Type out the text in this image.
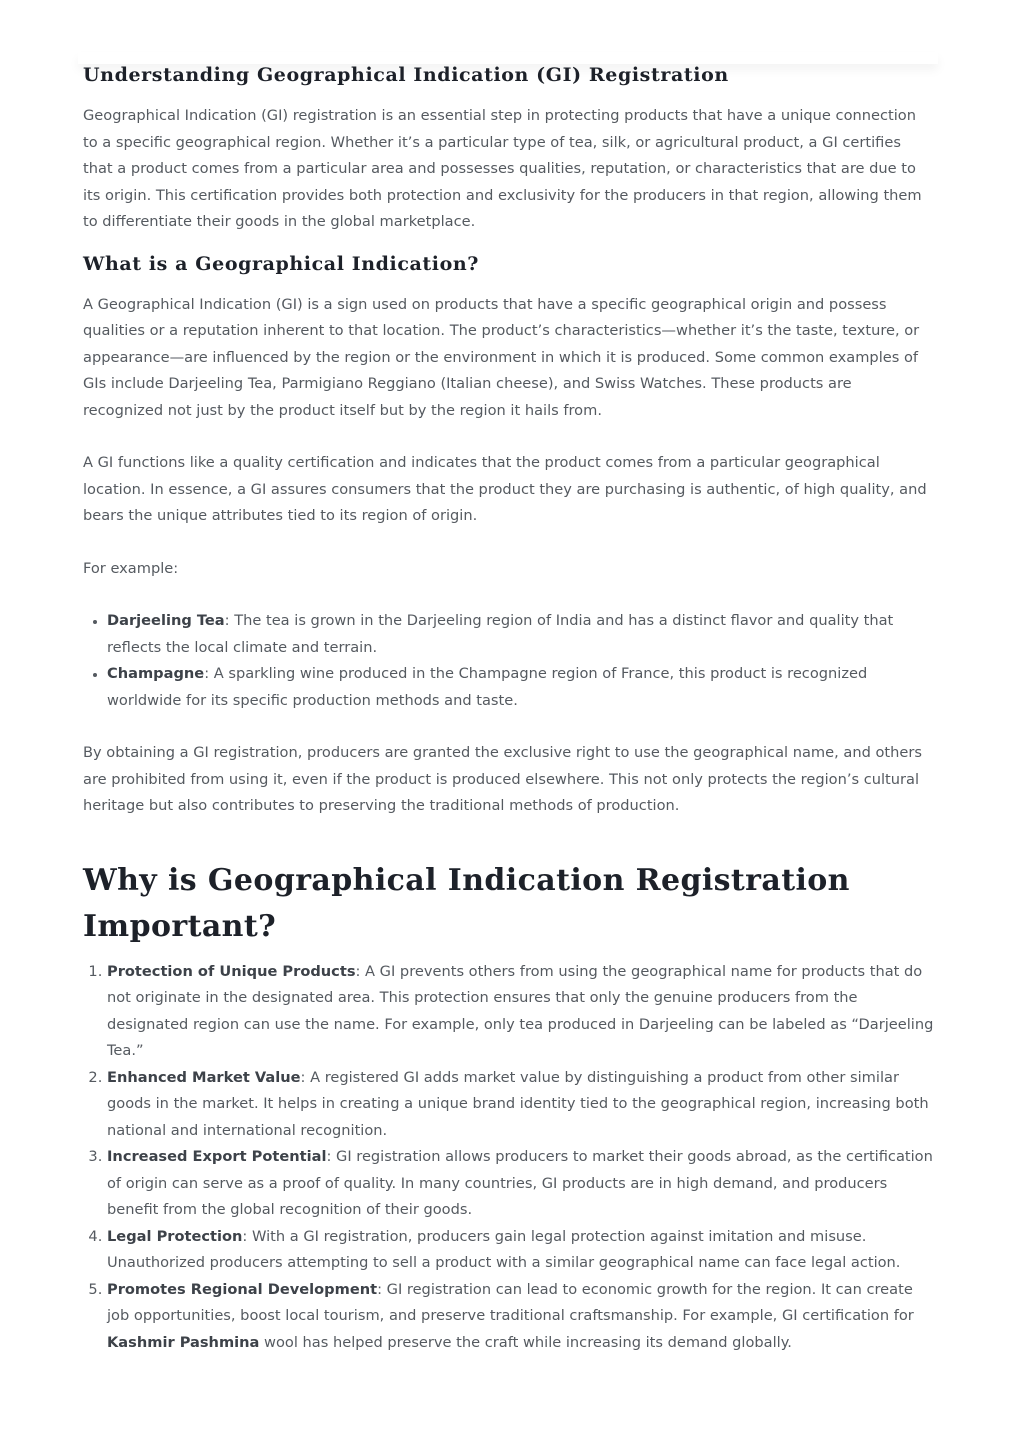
Understanding Geographical Indication (GI) Registration

Geographical Indication (GI) registration is an essential step in protecting products that have a unique connection to a specific geographical region. Whether it’s a particular type of tea, silk, or agricultural product, a GI certifies that a product comes from a particular area and possesses qualities, reputation, or characteristics that are due to its origin. This certification provides both protection and exclusivity for the producers in that region, allowing them to differentiate their goods in the global marketplace.

What is a Geographical Indication?

A Geographical Indication (GI) is a sign used on products that have a specific geographical origin and possess qualities or a reputation inherent to that location. The product’s characteristics—whether it’s the taste, texture, or appearance—are influenced by the region or the environment in which it is produced. Some common examples of GIs include Darjeeling Tea, Parmigiano Reggiano (Italian cheese), and Swiss Watches. These products are recognized not just by the product itself but by the region it hails from.

A GI functions like a quality certification and indicates that the product comes from a particular geographical location. In essence, a GI assures consumers that the product they are purchasing is authentic, of high quality, and bears the unique attributes tied to its region of origin.

For example:

• Darjeeling Tea: The tea is grown in the Darjeeling region of India and has a distinct flavor and quality that reflects the local climate and terrain.
• Champagne: A sparkling wine produced in the Champagne region of France, this product is recognized worldwide for its specific production methods and taste.

By obtaining a GI registration, producers are granted the exclusive right to use the geographical name, and others are prohibited from using it, even if the product is produced elsewhere. This not only protects the region’s cultural heritage but also contributes to preserving the traditional methods of production.

Why is Geographical Indication Registration Important?
1. Protection of Unique Products: A GI prevents others from using the geographical name for products that do not originate in the designated area. This protection ensures that only the genuine producers from the designated region can use the name. For example, only tea produced in Darjeeling can be labeled as “Darjeeling Tea.”
2. Enhanced Market Value: A registered GI adds market value by distinguishing a product from other similar goods in the market. It helps in creating a unique brand identity tied to the geographical region, increasing both national and international recognition.
3. Increased Export Potential: GI registration allows producers to market their goods abroad, as the certification of origin can serve as a proof of quality. In many countries, GI products are in high demand, and producers benefit from the global recognition of their goods.
4. Legal Protection: With a GI registration, producers gain legal protection against imitation and misuse. Unauthorized producers attempting to sell a product with a similar geographical name can face legal action.
5. Promotes Regional Development: GI registration can lead to economic growth for the region. It can create job opportunities, boost local tourism, and preserve traditional craftsmanship. For example, GI certification for Kashmir Pashmina wool has helped preserve the craft while increasing its demand globally.
